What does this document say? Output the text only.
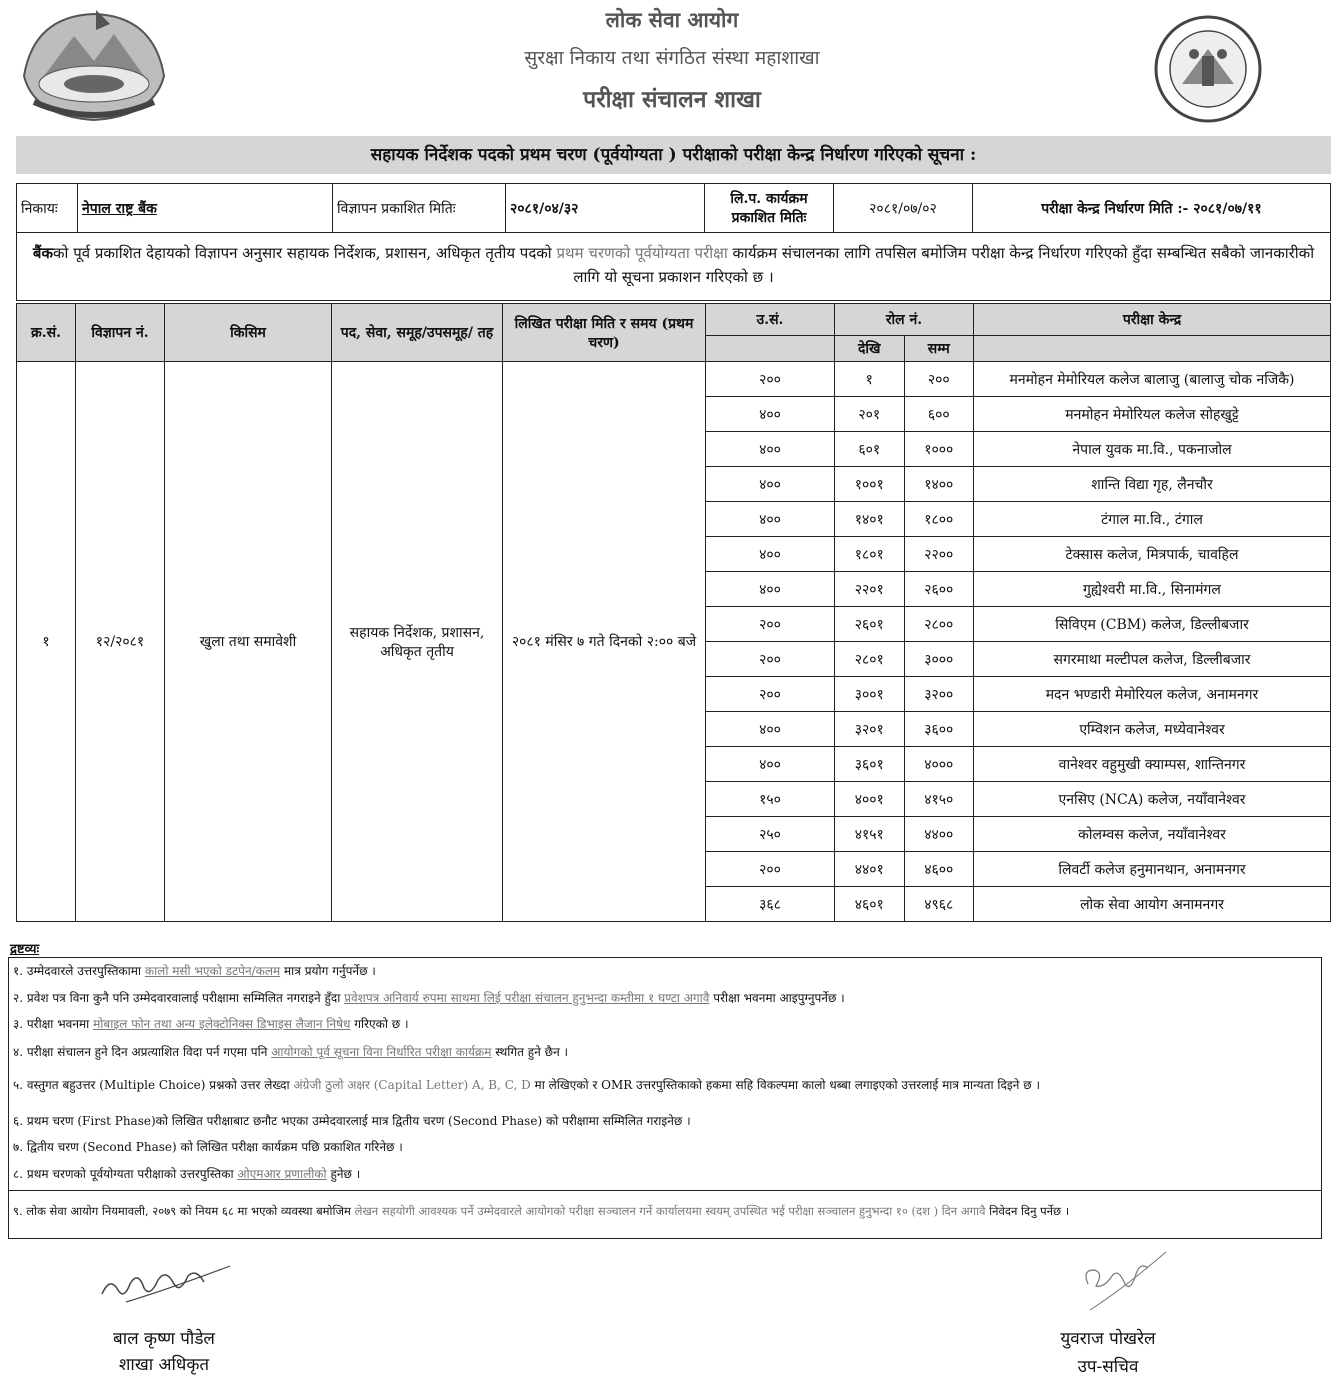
लोक सेवा आयोग
सुरक्षा निकाय तथा संगठित संस्था महाशाखा
परीक्षा संचालन शाखा
सहायक निर्देशक पदको प्रथम चरण (पूर्वयोग्यता ) परीक्षाको परीक्षा केन्द्र निर्धारण गरिएको सूचना :
निकायः	नेपाल राष्ट्र बैंक	विज्ञापन प्रकाशित मितिः	२०८१/०४/३२	लि.प. कार्यक्रम प्रकाशित मितिः	२०८१/०७/०२	परीक्षा केन्द्र निर्धारण मिति :- २०८१/०७/११
बैंकको पूर्व प्रकाशित देहायको विज्ञापन अनुसार सहायक निर्देशक, प्रशासन, अधिकृत तृतीय पदको प्रथम चरणको पूर्वयोग्यता परीक्षा कार्यक्रम संचालनका लागि तपसिल बमोजिम परीक्षा केन्द्र निर्धारण गरिएको हुँदा सम्बन्धित सबैको जानकारीको लागि यो सूचना प्रकाशन गरिएको छ ।
क्र.सं.	विज्ञापन नं.	किसिम	पद, सेवा, समूह/उपसमूह/ तह	लिखित परीक्षा मिति र समय (प्रथम चरण)	उ.सं.	रोल नं.		परीक्षा केन्द्र
						देखि	सम्म	
१	१२/२०८१	खुला तथा समावेशी	सहायक निर्देशक, प्रशासन, अधिकृत तृतीय	२०८१ मंसिर ७ गते दिनको २:०० बजे	२००	१	२००	मनमोहन मेमोरियल कलेज बालाजु (बालाजु चोक नजिकै)
					४००	२०१	६००	मनमोहन मेमोरियल कलेज सोहखुट्टे
					४००	६०१	१०००	नेपाल युवक मा.वि., पकनाजोल
					४००	१००१	१४००	शान्ति विद्या गृह, लैनचौर
					४००	१४०१	१८००	टंगाल मा.वि., टंगाल
					४००	१८०१	२२००	टेक्सास कलेज, मित्रपार्क, चावहिल
					४००	२२०१	२६००	गुह्येश्वरी मा.वि., सिनामंगल
					२००	२६०१	२८००	सिविएम (CBM) कलेज, डिल्लीबजार
					२००	२८०१	३०००	सगरमाथा मल्टीपल कलेज, डिल्लीबजार
					२००	३००१	३२००	मदन भण्डारी मेमोरियल कलेज, अनामनगर
					४००	३२०१	३६००	एम्विशन कलेज, मध्येवानेश्वर
					४००	३६०१	४०००	वानेश्वर वहुमुखी क्याम्पस, शान्तिनगर
					१५०	४००१	४१५०	एनसिए (NCA) कलेज, नयाँवानेश्वर
					२५०	४१५१	४४००	कोलम्वस कलेज, नयाँवानेश्वर
					२००	४४०१	४६००	लिवर्टी कलेज हनुमानथान, अनामनगर
					३६८	४६०१	४९६८	लोक सेवा आयोग अनामनगर
द्रष्टव्यः
१. उम्मेदवारले उत्तरपुस्तिकामा कालो मसी भएको डटपेन/कलम मात्र प्रयोग गर्नुपर्नेछ ।
२. प्रवेश पत्र विना कुनै पनि उम्मेदवारवालाई परीक्षामा सम्मिलित नगराइने हुँदा प्रवेशपत्र अनिवार्य रुपमा साथमा लिई परीक्षा संचालन हुनुभन्दा कम्तीमा १ घण्टा अगावै परीक्षा भवनमा आइपुग्नुपर्नेछ ।
३. परीक्षा भवनमा मोबाइल फोन तथा अन्य इलेक्टोनिक्स डिभाइस लैजान निषेध गरिएको छ ।
४. परीक्षा संचालन हुने दिन अप्रत्याशित विदा पर्न गएमा पनि आयोगको पूर्व सूचना विना निर्धारित परीक्षा कार्यक्रम स्थगित हुने छैन ।
५. वस्तुगत बहुउत्तर (Multiple Choice) प्रश्नको उत्तर लेख्दा अंग्रेजी ठुलो अक्षर (Capital Letter) A, B, C, D मा लेखिएको र OMR उत्तरपुस्तिकाको हकमा सहि विकल्पमा कालो धब्बा लगाइएको उत्तरलाई मात्र मान्यता दिइने छ ।
६. प्रथम चरण (First Phase)को लिखित परीक्षाबाट छनौट भएका उम्मेदवारलाई मात्र द्वितीय चरण (Second Phase) को परीक्षामा सम्मिलित गराइनेछ ।
७. द्वितीय चरण (Second Phase) को लिखित परीक्षा कार्यक्रम पछि प्रकाशित गरिनेछ ।
८. प्रथम चरणको पूर्वयोग्यता परीक्षाको उत्तरपुस्तिका ओएमआर प्रणालीको हुनेछ ।
९. लोक सेवा आयोग नियमावली, २०७९ को नियम ६८ मा भएको व्यवस्था बमोजिम लेखन सहयोगी आवश्यक पर्ने उम्मेदवारले आयोगको परीक्षा सञ्चालन गर्ने कार्यालयमा स्वयम् उपस्थित भई परीक्षा सञ्चालन हुनुभन्दा १० (दश ) दिन अगावै निवेदन दिनु पर्नेछ ।
बाल कृष्ण पौडेल
शाखा अधिकृत
युवराज पोखरेल
उप-सचिव
